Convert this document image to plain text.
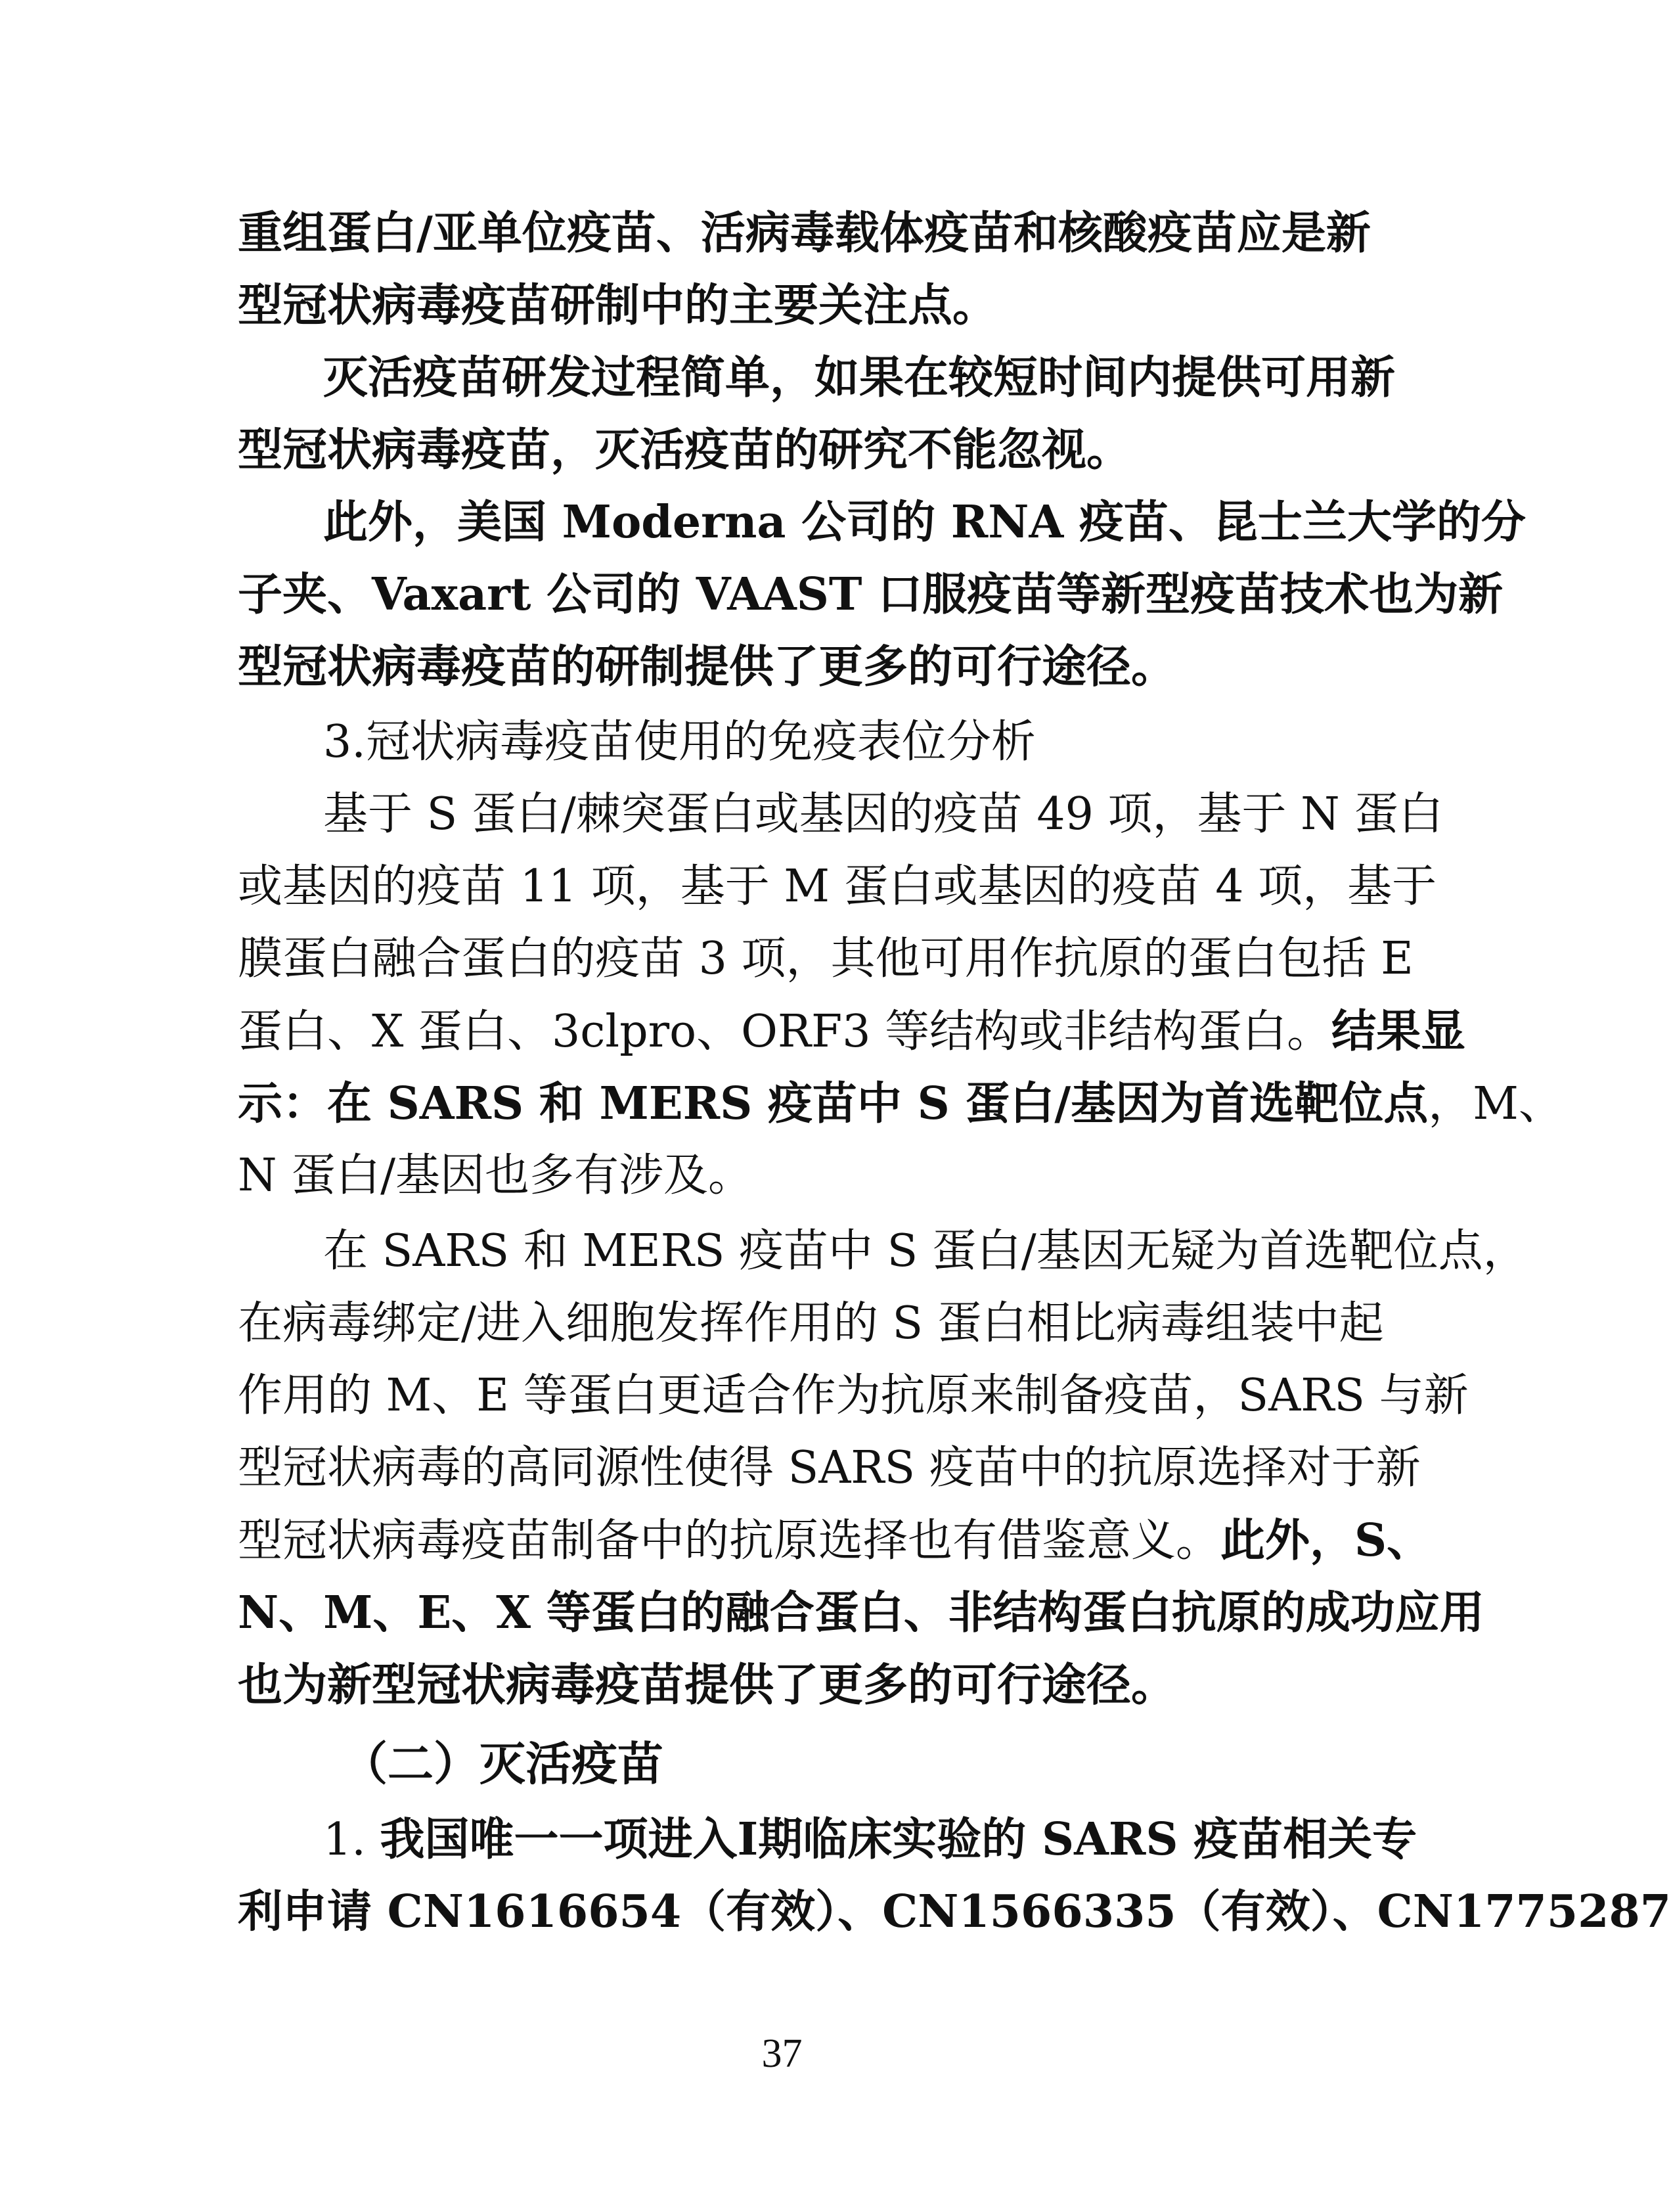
重组蛋白/亚单位疫苗、活病毒载体疫苗和核酸疫苗应是新
型冠状病毒疫苗研制中的主要关注点。
灭活疫苗研发过程简单，如果在较短时间内提供可用新
型冠状病毒疫苗，灭活疫苗的研究不能忽视。
此外，美国 Moderna 公司的 RNA 疫苗、昆士兰大学的分
子夹、Vaxart 公司的 VAAST 口服疫苗等新型疫苗技术也为新
型冠状病毒疫苗的研制提供了更多的可行途径。
3.冠状病毒疫苗使用的免疫表位分析
基于 S 蛋白/棘突蛋白或基因的疫苗 49 项，基于 N 蛋白
或基因的疫苗 11 项，基于 M 蛋白或基因的疫苗 4 项，基于
膜蛋白融合蛋白的疫苗 3 项，其他可用作抗原的蛋白包括 E
蛋白、X 蛋白、3clpro、ORF3 等结构或非结构蛋白。结果显
示：在 SARS 和 MERS 疫苗中 S 蛋白/基因为首选靶位点，M、
N 蛋白/基因也多有涉及。
在 SARS 和 MERS 疫苗中 S 蛋白/基因无疑为首选靶位点，
在病毒绑定/进入细胞发挥作用的 S 蛋白相比病毒组装中起
作用的 M、E 等蛋白更适合作为抗原来制备疫苗，SARS 与新
型冠状病毒的高同源性使得 SARS 疫苗中的抗原选择对于新
型冠状病毒疫苗制备中的抗原选择也有借鉴意义。此外，S、
N、M、E、X 等蛋白的融合蛋白、非结构蛋白抗原的成功应用
也为新型冠状病毒疫苗提供了更多的可行途径。
（二）灭活疫苗
1. 我国唯一一项进入Ⅰ期临床实验的 SARS 疫苗相关专
利申请 CN1616654（有效）、CN1566335（有效）、CN1775287
37
